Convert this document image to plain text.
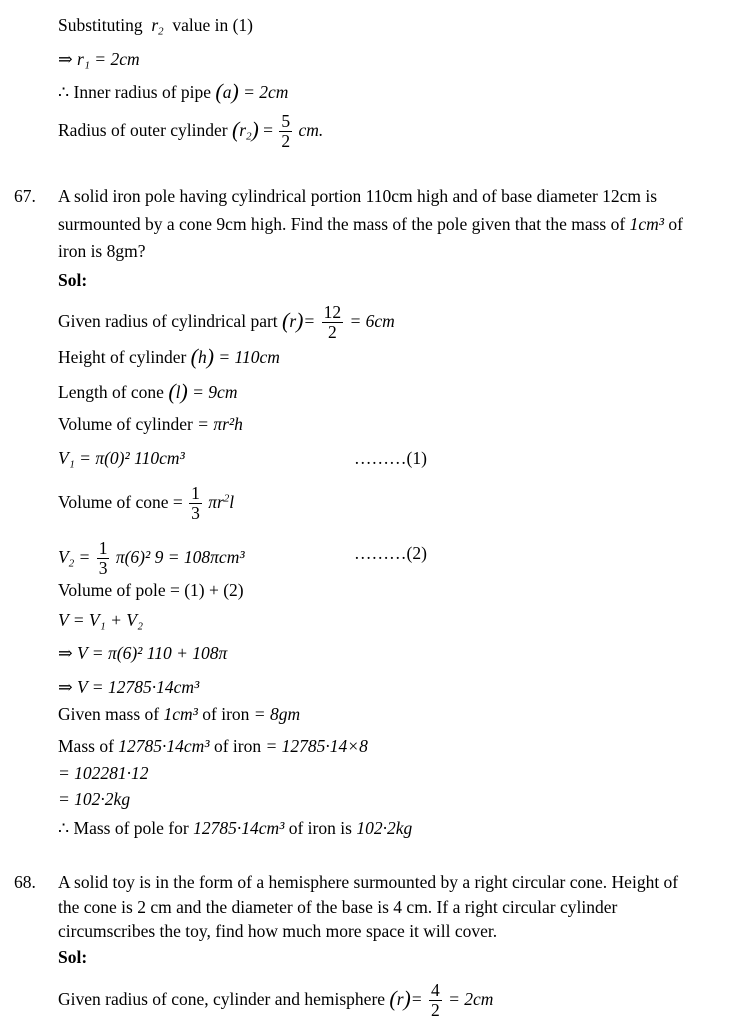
Substituting  $r_2$ value in (1)
⇒ r₁ = 2cm
∴ Inner radius of pipe (a) = 2cm
Radius of outer cylinder $(r_2) = \frac{5}{2}$ cm.
67. A solid iron pole having cylindrical portion 110cm high and of base diameter 12cm is
surmounted by a cone 9cm high. Find the mass of the pole given that the mass of 1cm³ of
iron is 8gm?
Sol:
Given radius of cylindrical part $(r)= \frac{12}{2} = 6cm$
Height of cylinder (h) = 110cm
Length of cone (l) = 9cm
Volume of cylinder = πr²h
V₁ = π(0)² 110cm³	………(1)
Volume of cone = $\frac{1}{3} \pi r^2l$
$V_2 = \frac{1}{3} \pi(6)^2$ 9 = 108πcm³	………(2)
Volume of pole = (1) + (2)
V = V₁ + V₂
⇒ V = π(6)² 110 + 108π
⇒ V = 12785·14cm³
Given mass of 1cm³ of iron = 8gm
Mass of 12785·14cm³ of iron = 12785·14×8
= 102281·12
= 102·2kg
∴ Mass of pole for 12785·14cm³ of iron is 102·2kg
68. A solid toy is in the form of a hemisphere surmounted by a right circular cone. Height of
the cone is 2 cm and the diameter of the base is 4 cm. If a right circular cylinder
circumscribes the toy, find how much more space it will cover.
Sol:
Given radius of cone, cylinder and hemisphere $(r)= \frac{4}{2} = 2cm$
